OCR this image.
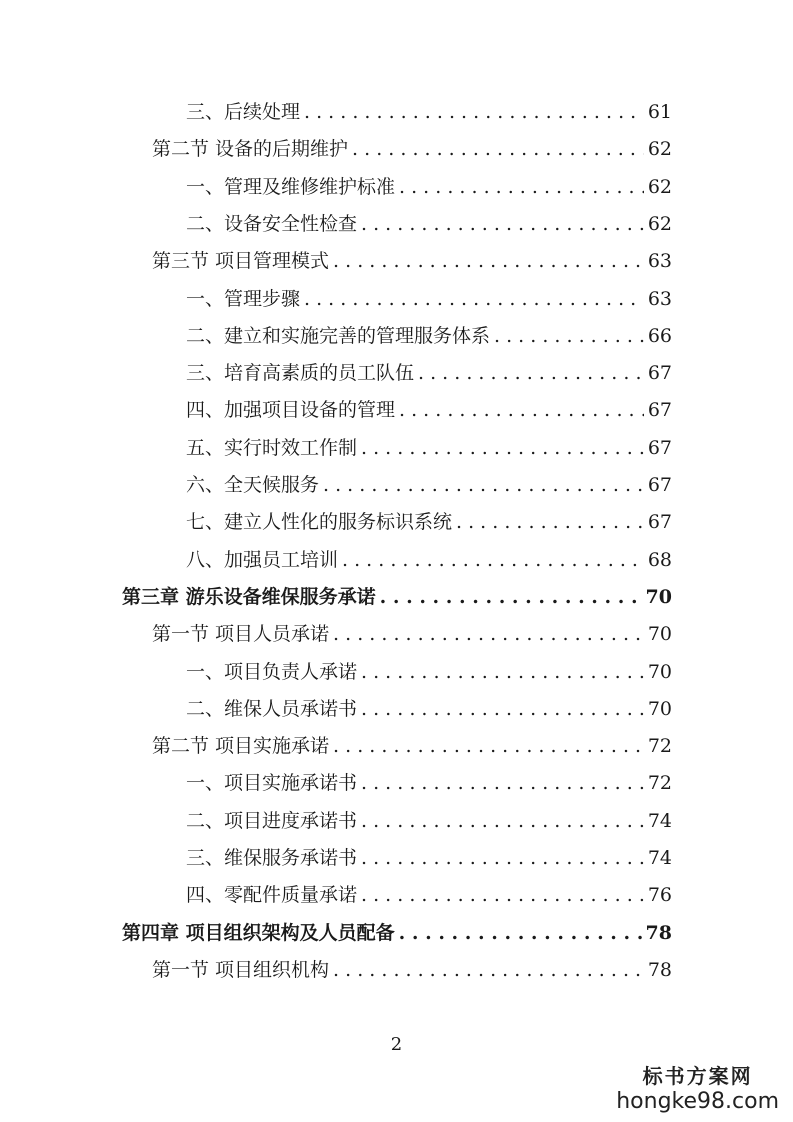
三、后续处理 . . .	61
第二节 设备的后期维护 . . .	62
一、管理及维修维护标准 . . .	62
二、设备安全性检查 . . .	62
第三节 项目管理模式 . . .	63
一、管理步骤 . . .	63
二、建立和实施完善的管理服务体系 . . .	66
三、培育高素质的员工队伍 . . .	67
四、加强项目设备的管理 . . .	67
五、实行时效工作制 . . .	67
六、全天候服务 . . .	67
七、建立人性化的服务标识系统 . . .	67
八、加强员工培训 . . .	68
第三章 游乐设备维保服务承诺 . . .	70
第一节 项目人员承诺 . . .	70
一、项目负责人承诺 . . .	70
二、维保人员承诺书 . . .	70
第二节 项目实施承诺 . . .	72
一、项目实施承诺书 . . .	72
二、项目进度承诺书 . . .	74
三、维保服务承诺书 . . .	74
四、零配件质量承诺 . . .	76
第四章 项目组织架构及人员配备 . . .	78
第一节 项目组织机构 . . .	78
2
标书方案网
hongke98.com
